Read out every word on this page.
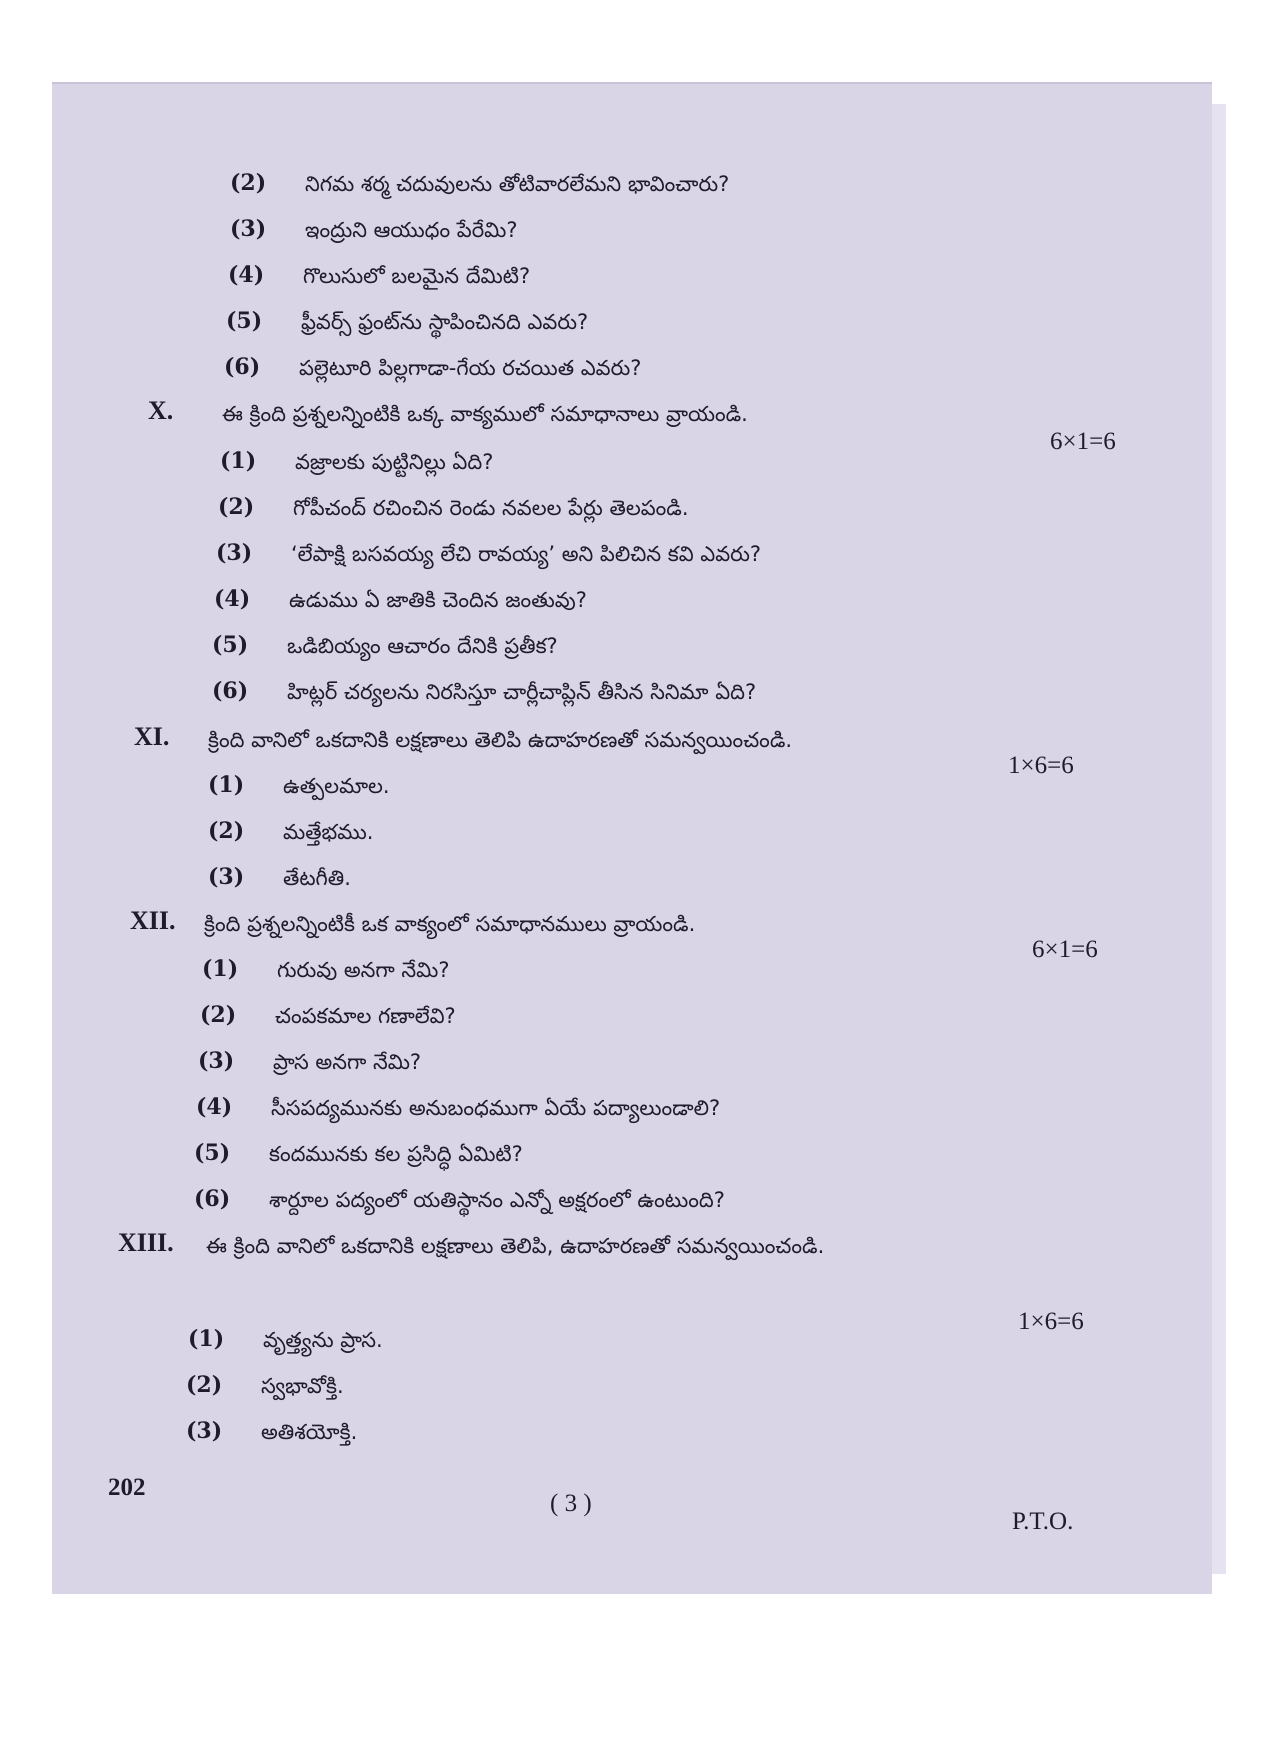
(2) నిగమ శర్మ చదువులను తోటివారలేమని భావించారు?
(3) ఇంద్రుని ఆయుధం పేరేమి?
(4) గొలుసులో బలమైన దేమిటి?
(5) ఫ్రీవర్స్ ఫ్రంట్‌ను స్థాపించినది ఎవరు?
(6) పల్లెటూరి పిల్లగాడా-గేయ రచయిత ఎవరు?
X. ఈ క్రింది ప్రశ్నలన్నింటికి ఒక్క వాక్యములో సమాధానాలు వ్రాయండి.
6×1=6
(1) వజ్రాలకు పుట్టినిల్లు ఏది?
(2) గోపీచంద్ రచించిన రెండు నవలల పేర్లు తెలపండి.
(3) ‘లేపాక్షి బసవయ్య లేచి రావయ్య’ అని పిలిచిన కవి ఎవరు?
(4) ఉడుము ఏ జాతికి చెందిన జంతువు?
(5) ఒడిబియ్యం ఆచారం దేనికి ప్రతీక?
(6) హిట్లర్ చర్యలను నిరసిస్తూ చార్లీచాప్లిన్ తీసిన సినిమా ఏది?
XI. క్రింది వానిలో ఒకదానికి లక్షణాలు తెలిపి ఉదాహరణతో సమన్వయించండి.
1×6=6
(1) ఉత్పలమాల.
(2) మత్తేభము.
(3) తేటగీతి.
XII. క్రింది ప్రశ్నలన్నింటికీ ఒక వాక్యంలో సమాధానములు వ్రాయండి.
6×1=6
(1) గురువు అనగా నేమి?
(2) చంపకమాల గణాలేవి?
(3) ప్రాస అనగా నేమి?
(4) సీసపద్యమునకు అనుబంధముగా ఏయే పద్యాలుండాలి?
(5) కందమునకు కల ప్రసిద్ధి ఏమిటి?
(6) శార్దూల పద్యంలో యతిస్థానం ఎన్నో అక్షరంలో ఉంటుంది?
XIII. ఈ క్రింది వానిలో ఒకదానికి లక్షణాలు తెలిపి, ఉదాహరణతో సమన్వయించండి.
1×6=6
(1) వృత్త్యను ప్రాస.
(2) స్వభావోక్తి.
(3) అతిశయోక్తి.
202
( 3 )
P.T.O.
